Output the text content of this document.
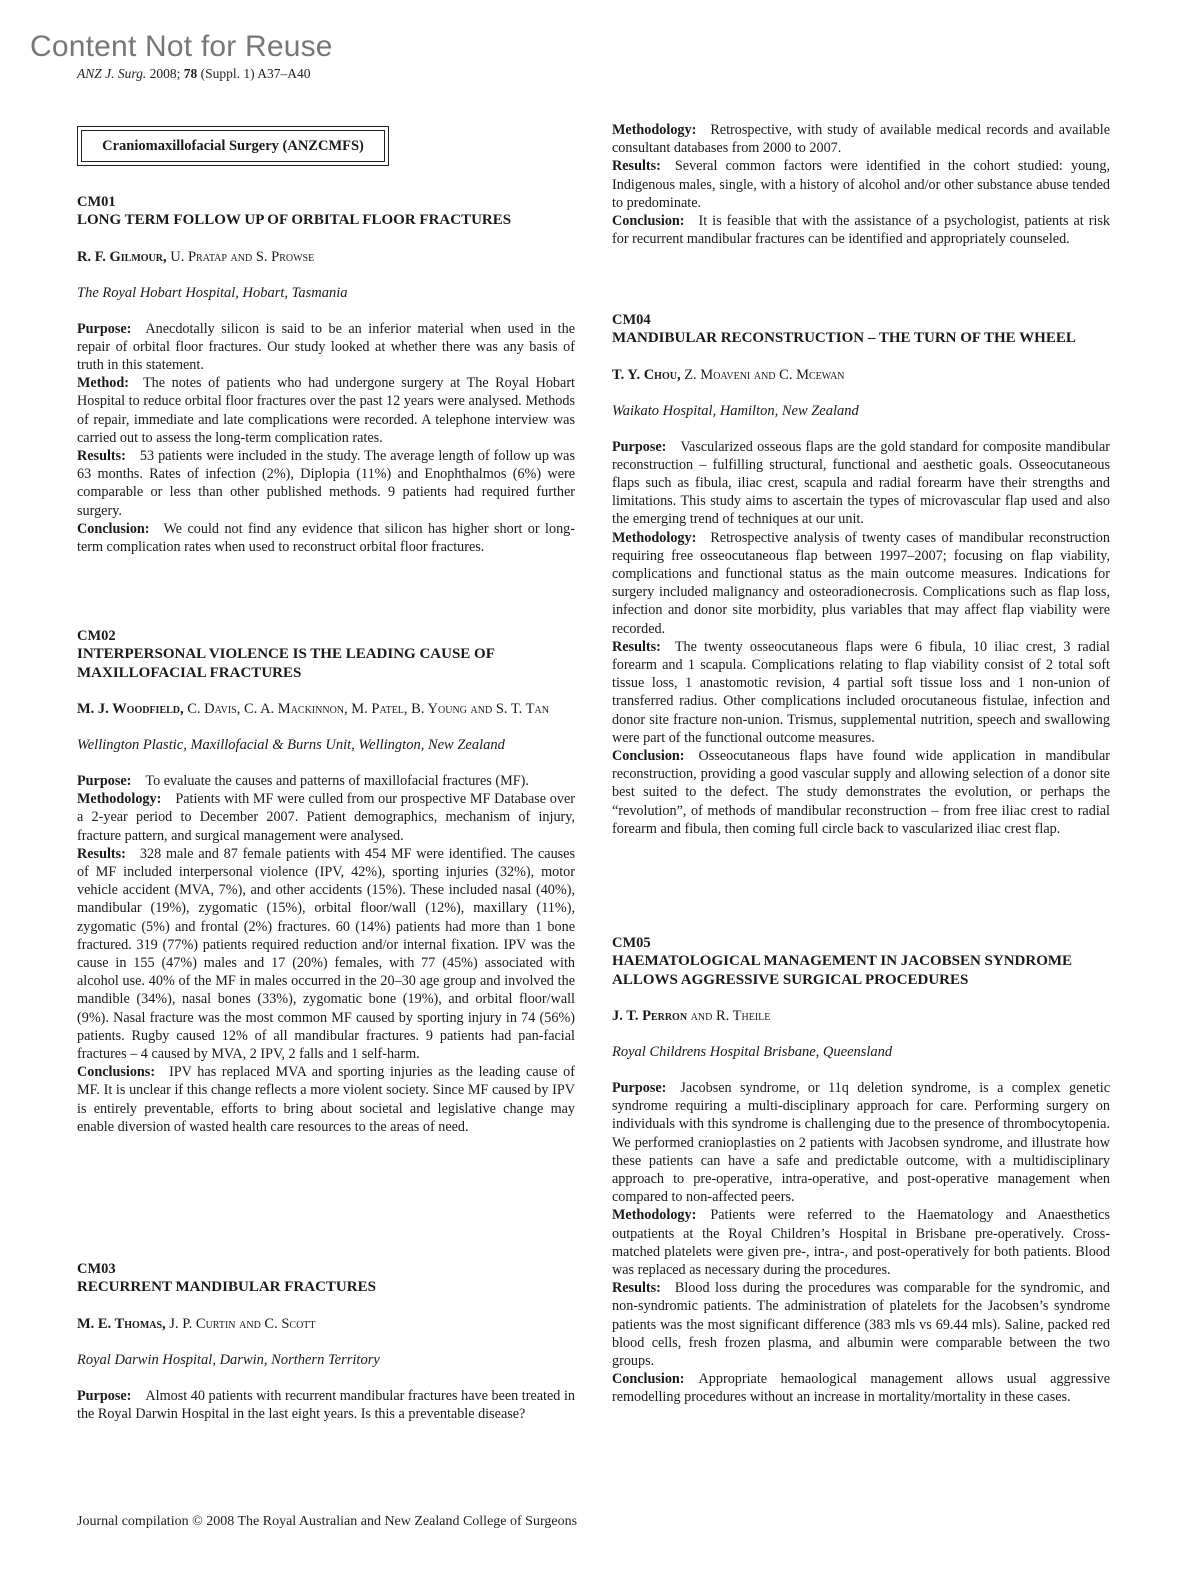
Content Not for Reuse
ANZ J. Surg. 2008; 78 (Suppl. 1) A37–A40
Craniomaxillofacial Surgery (ANZCMFS)
CM01
LONG TERM FOLLOW UP OF ORBITAL FLOOR FRACTURES
R. F. Gilmour, U. Pratap and S. Prowse
The Royal Hobart Hospital, Hobart, Tasmania

Purpose: Anecdotally silicon is said to be an inferior material when used in the repair of orbital floor fractures. Our study looked at whether there was any basis of truth in this statement.

Method: The notes of patients who had undergone surgery at The Royal Hobart Hospital to reduce orbital floor fractures over the past 12 years were analysed. Methods of repair, immediate and late complications were recorded. A telephone interview was carried out to assess the long-term complication rates.

Results: 53 patients were included in the study. The average length of follow up was 63 months. Rates of infection (2%), Diplopia (11%) and Enophthalmos (6%) were comparable or less than other published methods. 9 patients had required further surgery.

Conclusion: We could not find any evidence that silicon has higher short or long-term complication rates when used to reconstruct orbital floor fractures.

CM02
INTERPERSONAL VIOLENCE IS THE LEADING CAUSE OF MAXILLOFACIAL FRACTURES
M. J. Woodfield, C. Davis, C. A. Mackinnon, M. Patel, B. Young and S. T. Tan
Wellington Plastic, Maxillofacial & Burns Unit, Wellington, New Zealand

Purpose: To evaluate the causes and patterns of maxillofacial fractures (MF).

Methodology: Patients with MF were culled from our prospective MF Database over a 2-year period to December 2007. Patient demographics, mechanism of injury, fracture pattern, and surgical management were analysed.

Results: 328 male and 87 female patients with 454 MF were identified. The causes of MF included interpersonal violence (IPV, 42%), sporting injuries (32%), motor vehicle accident (MVA, 7%), and other accidents (15%). These included nasal (40%), mandibular (19%), zygomatic (15%), orbital floor/wall (12%), maxillary (11%), zygomatic (5%) and frontal (2%) fractures. 60 (14%) patients had more than 1 bone fractured. 319 (77%) patients required reduction and/or internal fixation. IPV was the cause in 155 (47%) males and 17 (20%) females, with 77 (45%) associated with alcohol use. 40% of the MF in males occurred in the 20–30 age group and involved the mandible (34%), nasal bones (33%), zygomatic bone (19%), and orbital floor/wall (9%). Nasal fracture was the most common MF caused by sporting injury in 74 (56%) patients. Rugby caused 12% of all mandibular fractures. 9 patients had pan-facial fractures – 4 caused by MVA, 2 IPV, 2 falls and 1 self-harm.

Conclusions: IPV has replaced MVA and sporting injuries as the leading cause of MF. It is unclear if this change reflects a more violent society. Since MF caused by IPV is entirely preventable, efforts to bring about societal and legislative change may enable diversion of wasted health care resources to the areas of need.

CM03
RECURRENT MANDIBULAR FRACTURES
M. E. Thomas, J. P. Curtin and C. Scott
Royal Darwin Hospital, Darwin, Northern Territory

Purpose: Almost 40 patients with recurrent mandibular fractures have been treated in the Royal Darwin Hospital in the last eight years. Is this a preventable disease?

Methodology: Retrospective, with study of available medical records and available consultant databases from 2000 to 2007.

Results: Several common factors were identified in the cohort studied: young, Indigenous males, single, with a history of alcohol and/or other substance abuse tended to predominate.

Conclusion: It is feasible that with the assistance of a psychologist, patients at risk for recurrent mandibular fractures can be identified and appropriately counseled.

CM04
MANDIBULAR RECONSTRUCTION – THE TURN OF THE WHEEL
T. Y. Chou, Z. Moaveni and C. Mcewan
Waikato Hospital, Hamilton, New Zealand

Purpose: Vascularized osseous flaps are the gold standard for composite mandibular reconstruction – fulfilling structural, functional and aesthetic goals. Osseocutaneous flaps such as fibula, iliac crest, scapula and radial forearm have their strengths and limitations. This study aims to ascertain the types of microvascular flap used and also the emerging trend of techniques at our unit.

Methodology: Retrospective analysis of twenty cases of mandibular reconstruction requiring free osseocutaneous flap between 1997–2007; focusing on flap viability, complications and functional status as the main outcome measures. Indications for surgery included malignancy and osteoradionecrosis. Complications such as flap loss, infection and donor site morbidity, plus variables that may affect flap viability were recorded.

Results: The twenty osseocutaneous flaps were 6 fibula, 10 iliac crest, 3 radial forearm and 1 scapula. Complications relating to flap viability consist of 2 total soft tissue loss, 1 anastomotic revision, 4 partial soft tissue loss and 1 non-union of transferred radius. Other complications included orocutaneous fistulae, infection and donor site fracture non-union. Trismus, supplemental nutrition, speech and swallowing were part of the functional outcome measures.

Conclusion: Osseocutaneous flaps have found wide application in mandibular reconstruction, providing a good vascular supply and allowing selection of a donor site best suited to the defect. The study demonstrates the evolution, or perhaps the “revolution”, of methods of mandibular reconstruction – from free iliac crest to radial forearm and fibula, then coming full circle back to vascularized iliac crest flap.

CM05
HAEMATOLOGICAL MANAGEMENT IN JACOBSEN SYNDROME ALLOWS AGGRESSIVE SURGICAL PROCEDURES
J. T. Perron and R. Theile
Royal Childrens Hospital Brisbane, Queensland

Purpose: Jacobsen syndrome, or 11q deletion syndrome, is a complex genetic syndrome requiring a multi-disciplinary approach for care. Performing surgery on individuals with this syndrome is challenging due to the presence of thrombocytopenia. We performed cranioplasties on 2 patients with Jacobsen syndrome, and illustrate how these patients can have a safe and predictable outcome, with a multidisciplinary approach to pre-operative, intra-operative, and post-operative management when compared to non-affected peers.

Methodology: Patients were referred to the Haematology and Anaesthetics outpatients at the Royal Children’s Hospital in Brisbane pre-operatively. Cross-matched platelets were given pre-, intra-, and post-operatively for both patients. Blood was replaced as necessary during the procedures.

Results: Blood loss during the procedures was comparable for the syndromic, and non-syndromic patients. The administration of platelets for the Jacobsen’s syndrome patients was the most significant difference (383 mls vs 69.44 mls). Saline, packed red blood cells, fresh frozen plasma, and albumin were comparable between the two groups.

Conclusion: Appropriate hemaological management allows usual aggressive remodelling procedures without an increase in mortality/mortality in these cases.

Journal compilation © 2008 The Royal Australian and New Zealand College of Surgeons
